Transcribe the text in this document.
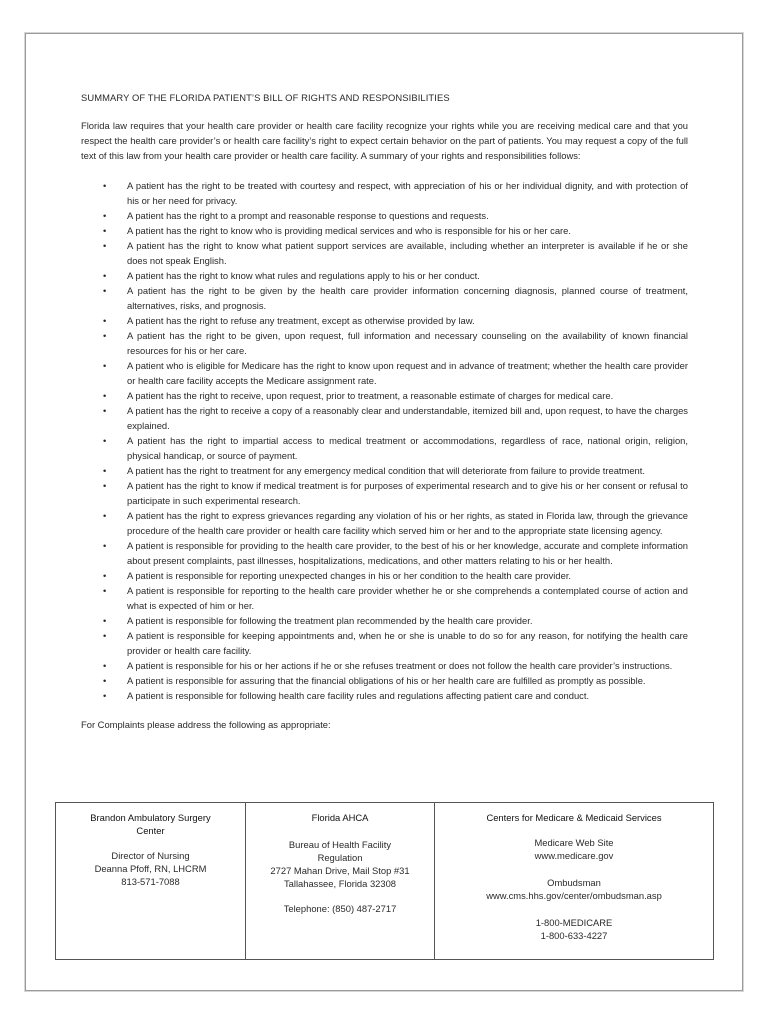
SUMMARY OF THE FLORIDA PATIENT’S BILL OF RIGHTS AND RESPONSIBILITIES

Florida law requires that your health care provider or health care facility recognize your rights while you are receiving medical care and that you respect the health care provider’s or health care facility’s right to expect certain behavior on the part of patients. You may request a copy of the full text of this law from your health care provider or health care facility. A summary of your rights and responsibilities follows:

• A patient has the right to be treated with courtesy and respect, with appreciation of his or her individual dignity, and with protection of his or her need for privacy.
• A patient has the right to a prompt and reasonable response to questions and requests.
• A patient has the right to know who is providing medical services and who is responsible for his or her care.
• A patient has the right to know what patient support services are available, including whether an interpreter is available if he or she does not speak English.
• A patient has the right to know what rules and regulations apply to his or her conduct.
• A patient has the right to be given by the health care provider information concerning diagnosis, planned course of treatment, alternatives, risks, and prognosis.
• A patient has the right to refuse any treatment, except as otherwise provided by law.
• A patient has the right to be given, upon request, full information and necessary counseling on the availability of known financial resources for his or her care.
• A patient who is eligible for Medicare has the right to know upon request and in advance of treatment; whether the health care provider or health care facility accepts the Medicare assignment rate.
• A patient has the right to receive, upon request, prior to treatment, a reasonable estimate of charges for medical care.
• A patient has the right to receive a copy of a reasonably clear and understandable, itemized bill and, upon request, to have the charges explained.
• A patient has the right to impartial access to medical treatment or accommodations, regardless of race, national origin, religion, physical handicap, or source of payment.
• A patient has the right to treatment for any emergency medical condition that will deteriorate from failure to provide treatment.
• A patient has the right to know if medical treatment is for purposes of experimental research and to give his or her consent or refusal to participate in such experimental research.
• A patient has the right to express grievances regarding any violation of his or her rights, as stated in Florida law, through the grievance procedure of the health care provider or health care facility which served him or her and to the appropriate state licensing agency.
• A patient is responsible for providing to the health care provider, to the best of his or her knowledge, accurate and complete information about present complaints, past illnesses, hospitalizations, medications, and other matters relating to his or her health.
• A patient is responsible for reporting unexpected changes in his or her condition to the health care provider.
• A patient is responsible for reporting to the health care provider whether he or she comprehends a contemplated course of action and what is expected of him or her.
• A patient is responsible for following the treatment plan recommended by the health care provider.
• A patient is responsible for keeping appointments and, when he or she is unable to do so for any reason, for notifying the health care provider or health care facility.
• A patient is responsible for his or her actions if he or she refuses treatment or does not follow the health care provider’s instructions.
• A patient is responsible for assuring that the financial obligations of his or her health care are fulfilled as promptly as possible.
• A patient is responsible for following health care facility rules and regulations affecting patient care and conduct.

For Complaints please address the following as appropriate:

Brandon Ambulatory Surgery
Center
Director of Nursing
Deanna Pfoff, RN, LHCRM
813-571-7088

Florida AHCA
Bureau of Health Facility
Regulation
2727 Mahan Drive, Mail Stop #31
Tallahassee, Florida 32308
Telephone: (850) 487-2717

Centers for Medicare & Medicaid Services
Medicare Web Site
www.medicare.gov
Ombudsman
www.cms.hhs.gov/center/ombudsman.asp
1-800-MEDICARE
1-800-633-4227
